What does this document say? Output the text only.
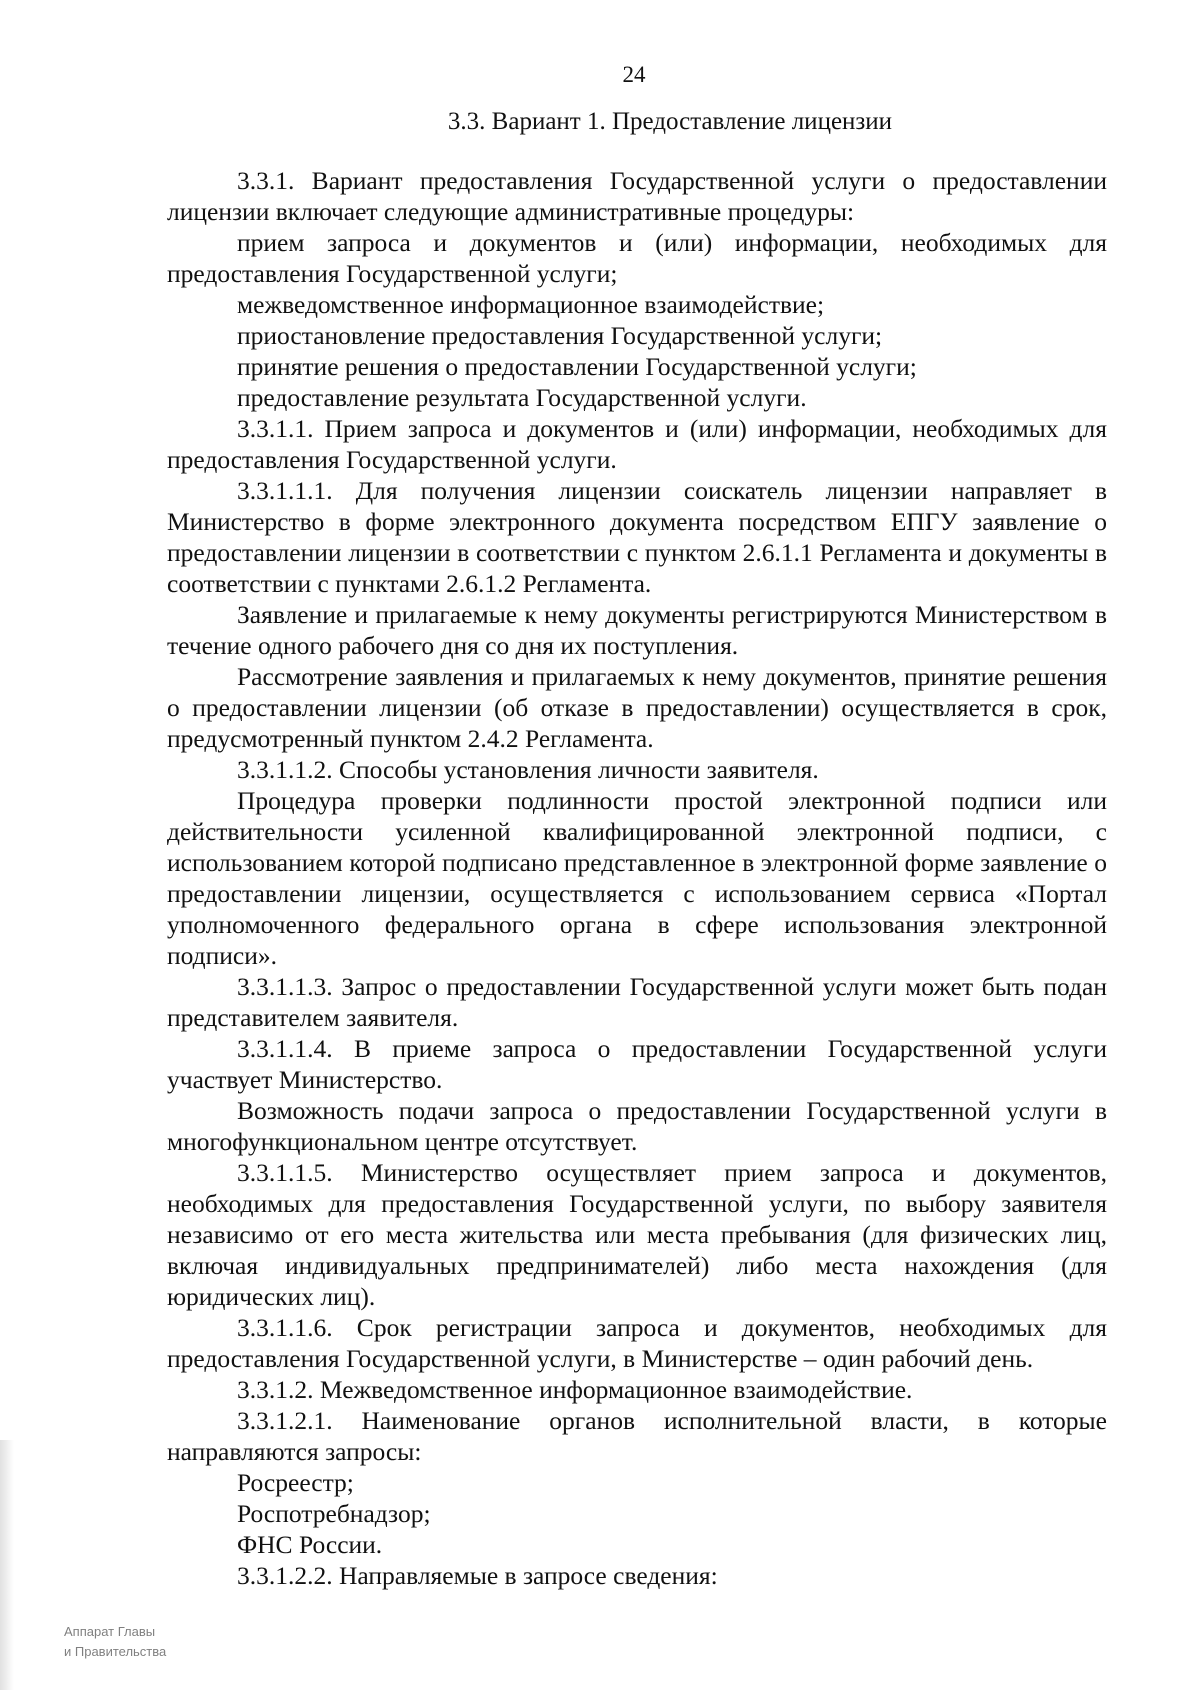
24
3.3. Вариант 1. Предоставление лицензии

3.3.1. Вариант предоставления Государственной услуги о предоставлении лицензии включает следующие административные процедуры:

прием запроса и документов и (или) информации, необходимых для предоставления Государственной услуги;

межведомственное информационное взаимодействие;

приостановление предоставления Государственной услуги;

принятие решения о предоставлении Государственной услуги;

предоставление результата Государственной услуги.

3.3.1.1. Прием запроса и документов и (или) информации, необходимых для предоставления Государственной услуги.

3.3.1.1.1. Для получения лицензии соискатель лицензии направляет в Министерство в форме электронного документа посредством ЕПГУ заявление о предоставлении лицензии в соответствии с пунктом 2.6.1.1 Регламента и документы в соответствии с пунктами 2.6.1.2 Регламента.

Заявление и прилагаемые к нему документы регистрируются Министерством в течение одного рабочего дня со дня их поступления.

Рассмотрение заявления и прилагаемых к нему документов, принятие решения о предоставлении лицензии (об отказе в предоставлении) осуществляется в срок, предусмотренный пунктом 2.4.2 Регламента.

3.3.1.1.2. Способы установления личности заявителя.

Процедура проверки подлинности простой электронной подписи или действительности усиленной квалифицированной электронной подписи, с использованием которой подписано представленное в электронной форме заявление о предоставлении лицензии, осуществляется с использованием сервиса «Портал уполномоченного федерального органа в сфере использования электронной подписи».

3.3.1.1.3. Запрос о предоставлении Государственной услуги может быть подан представителем заявителя.

3.3.1.1.4. В приеме запроса о предоставлении Государственной услуги участвует Министерство.

Возможность подачи запроса о предоставлении Государственной услуги в многофункциональном центре отсутствует.

3.3.1.1.5. Министерство осуществляет прием запроса и документов, необходимых для предоставления Государственной услуги, по выбору заявителя независимо от его места жительства или места пребывания (для физических лиц, включая индивидуальных предпринимателей) либо места нахождения (для юридических лиц).

3.3.1.1.6. Срок регистрации запроса и документов, необходимых для предоставления Государственной услуги, в Министерстве – один рабочий день.

3.3.1.2. Межведомственное информационное взаимодействие.

3.3.1.2.1. Наименование органов исполнительной власти, в которые направляются запросы:

Росреестр;

Роспотребнадзор;

ФНС России.

3.3.1.2.2. Направляемые в запросе сведения:

Аппарат Главы
и Правительства
